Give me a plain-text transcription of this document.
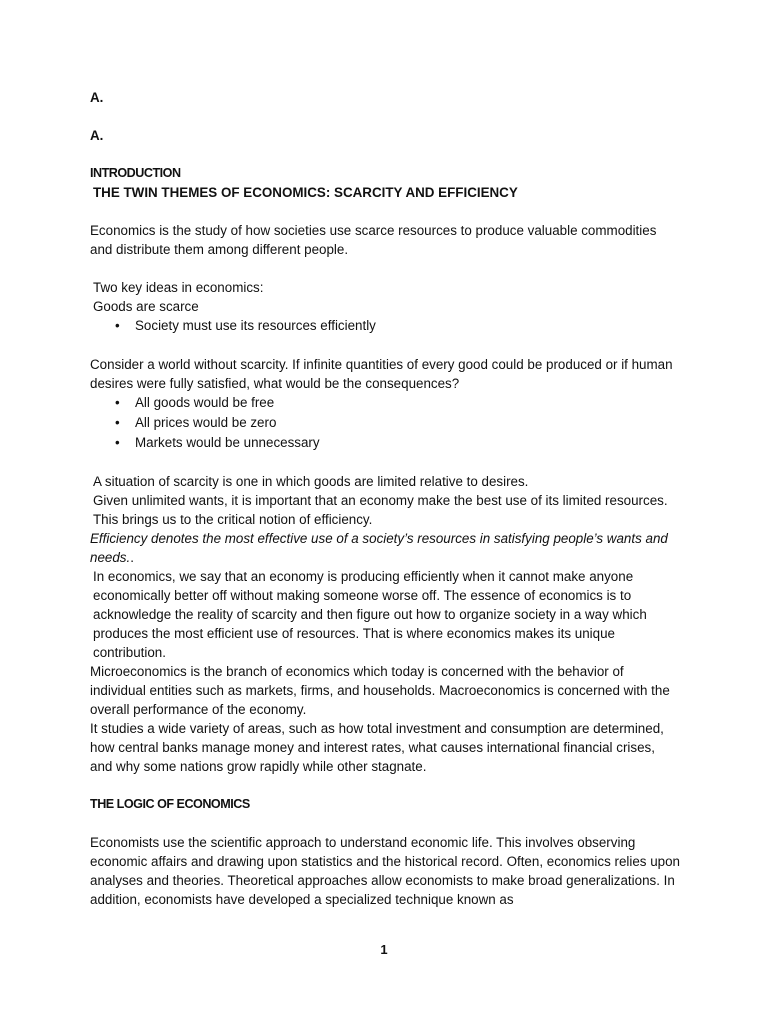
A.

A.

INTRODUCTION

THE TWIN THEMES OF ECONOMICS: SCARCITY AND EFFICIENCY

Economics is the study of how societies use scarce resources to produce valuable commodities and distribute them among different people.

Two key ideas in economics:

Goods are scarce

• Society must use its resources efficiently

Consider a world without scarcity. If infinite quantities of every good could be produced or if human desires were fully satisfied, what would be the consequences?

• All goods would be free
• All prices would be zero
• Markets would be unnecessary

A situation of scarcity is one in which goods are limited relative to desires.

Given unlimited wants, it is important that an economy make the best use of its limited resources. This brings us to the critical notion of efficiency.

Efficiency denotes the most effective use of a society’s resources in satisfying people’s wants and needs..

In economics, we say that an economy is producing efficiently when it cannot make anyone economically better off without making someone worse off. The essence of economics is to acknowledge the reality of scarcity and then figure out how to organize society in a way which produces the most efficient use of resources. That is where economics makes its unique contribution.

Microeconomics is the branch of economics which today is concerned with the behavior of individual entities such as markets, firms, and households. Macroeconomics is concerned with the overall performance of the economy.

It studies a wide variety of areas, such as how total investment and consumption are determined, how central banks manage money and interest rates, what causes international financial crises, and why some nations grow rapidly while other stagnate.

THE LOGIC OF ECONOMICS

Economists use the scientific approach to understand economic life. This involves observing economic affairs and drawing upon statistics and the historical record. Often, economics relies upon analyses and theories. Theoretical approaches allow economists to make broad generalizations. In addition, economists have developed a specialized technique known as

1
